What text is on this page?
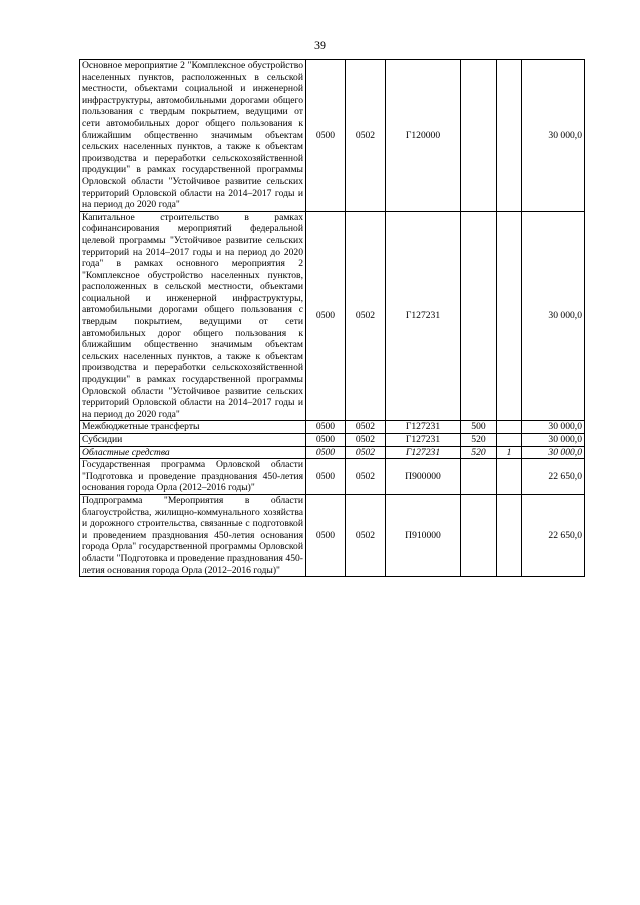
39
Основное мероприятие 2 "Комплексное обустройство населенных пунктов, расположенных в сельской местности, объектами социальной и инженерной инфраструктуры, автомобильными дорогами общего пользования с твердым покрытием, ведущими от сети автомобильных дорог общего пользования к ближайшим общественно значимым объектам сельских населенных пунктов, а также к объектам производства и переработки сельскохозяйственной продукции" в рамках государственной программы Орловской области "Устойчивое развитие сельских территорий Орловской области на 2014–2017 годы и на период до 2020 года"	0500	0502	Г120000			30 000,0
Капитальное строительство в рамках софинансирования мероприятий федеральной целевой программы "Устойчивое развитие сельских территорий на 2014–2017 годы и на период до 2020 года" в рамках основного мероприятия 2 "Комплексное обустройство населенных пунктов, расположенных в сельской местности, объектами социальной и инженерной инфраструктуры, автомобильными дорогами общего пользования с твердым покрытием, ведущими от сети автомобильных дорог общего пользования к ближайшим общественно значимым объектам сельских населенных пунктов, а также к объектам производства и переработки сельскохозяйственной продукции" в рамках государственной программы Орловской области "Устойчивое развитие сельских территорий Орловской области на 2014–2017 годы и на период до 2020 года"	0500	0502	Г127231			30 000,0
Межбюджетные трансферты	0500	0502	Г127231	500		30 000,0
Субсидии	0500	0502	Г127231	520		30 000,0
Областные средства	0500	0502	Г127231	520	1	30 000,0
Государственная программа Орловской области "Подготовка и проведение празднования 450-летия основания города Орла (2012–2016 годы)"	0500	0502	П900000			22 650,0
Подпрограмма "Мероприятия в области благоустройства, жилищно-коммунального хозяйства и дорожного строительства, связанные с подготовкой и проведением празднования 450-летия основания города Орла" государственной программы Орловской области "Подготовка и проведение празднования 450-летия основания города Орла (2012–2016 годы)"	0500	0502	П910000			22 650,0
